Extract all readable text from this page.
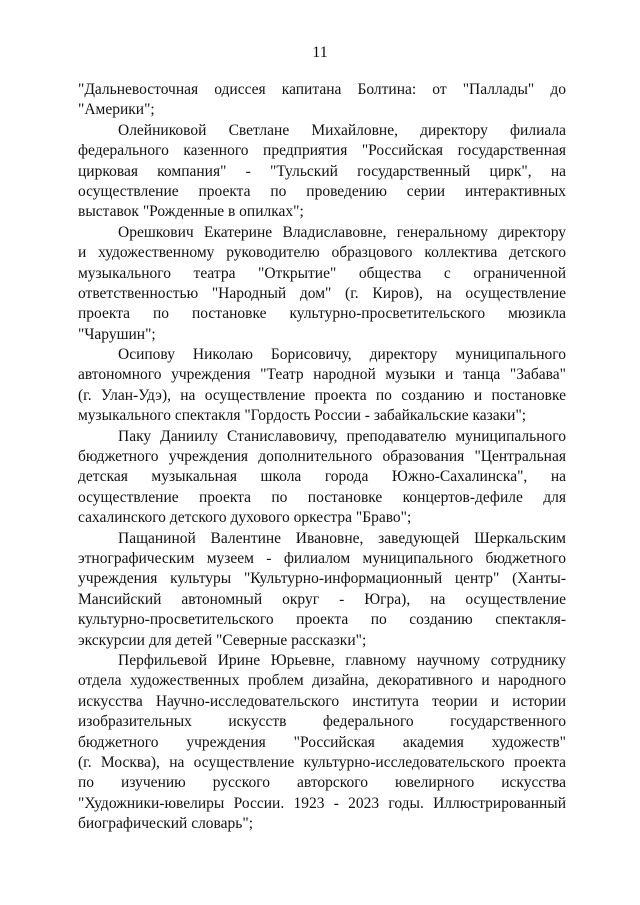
11
"Дальневосточная одиссея капитана Болтина: от "Паллады" до
"Америки";
Олейниковой Светлане Михайловне, директору филиала
федерального казенного предприятия "Российская государственная
цирковая компания" - "Тульский государственный цирк", на
осуществление проекта по проведению серии интерактивных
выставок "Рожденные в опилках";
Орешкович Екатерине Владиславовне, генеральному директору
и художественному руководителю образцового коллектива детского
музыкального театра "Открытие" общества с ограниченной
ответственностью "Народный дом" (г. Киров), на осуществление
проекта по постановке культурно-просветительского мюзикла
"Чарушин";
Осипову Николаю Борисовичу, директору муниципального
автономного учреждения "Театр народной музыки и танца "Забава"
(г. Улан-Удэ), на осуществление проекта по созданию и постановке
музыкального спектакля "Гордость России - забайкальские казаки";
Паку Даниилу Станиславовичу, преподавателю муниципального
бюджетного учреждения дополнительного образования "Центральная
детская музыкальная школа города Южно-Сахалинска", на
осуществление проекта по постановке концертов-дефиле для
сахалинского детского духового оркестра "Браво";
Пащаниной Валентине Ивановне, заведующей Шеркальским
этнографическим музеем - филиалом муниципального бюджетного
учреждения культуры "Культурно-информационный центр" (Ханты-
Мансийский автономный округ - Югра), на осуществление
культурно-просветительского проекта по созданию спектакля-
экскурсии для детей "Северные рассказки";
Перфильевой Ирине Юрьевне, главному научному сотруднику
отдела художественных проблем дизайна, декоративного и народного
искусства Научно-исследовательского института теории и истории
изобразительных искусств федерального государственного
бюджетного учреждения "Российская академия художеств"
(г. Москва), на осуществление культурно-исследовательского проекта
по изучению русского авторского ювелирного искусства
"Художники-ювелиры России. 1923 - 2023 годы. Иллюстрированный
биографический словарь";
